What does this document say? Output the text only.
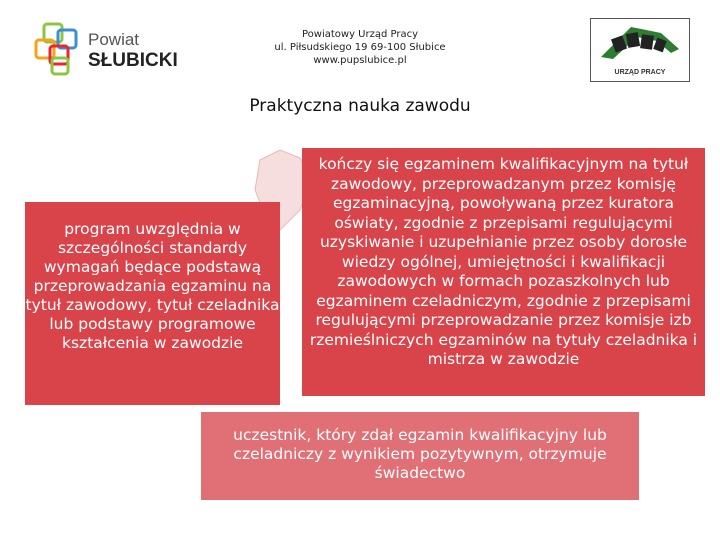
Powiat
SŁUBICKI
Powiatowy Urząd Pracy
ul. Piłsudskiego 19 69-100 Słubice
www.pupslubice.pl
URZĄD PRACY
Praktyczna nauka zawodu
program uwzględnia w szczególności standardy wymagań będące podstawą przeprowadzania egzaminu na tytuł zawodowy, tytuł czeladnika lub podstawy programowe kształcenia w zawodzie
kończy się egzaminem kwalifikacyjnym na tytuł zawodowy, przeprowadzanym przez komisję egzaminacyjną, powoływaną przez kuratora oświaty, zgodnie z przepisami regulującymi uzyskiwanie i uzupełnianie przez osoby dorosłe wiedzy ogólnej, umiejętności i kwalifikacji zawodowych w formach pozaszkolnych lub egzaminem czeladniczym, zgodnie z przepisami regulującymi przeprowadzanie przez komisje izb rzemieślniczych egzaminów na tytuły czeladnika i mistrza w zawodzie
uczestnik, który zdał egzamin kwalifikacyjny lub czeladniczy z wynikiem pozytywnym, otrzymuje świadectwo
